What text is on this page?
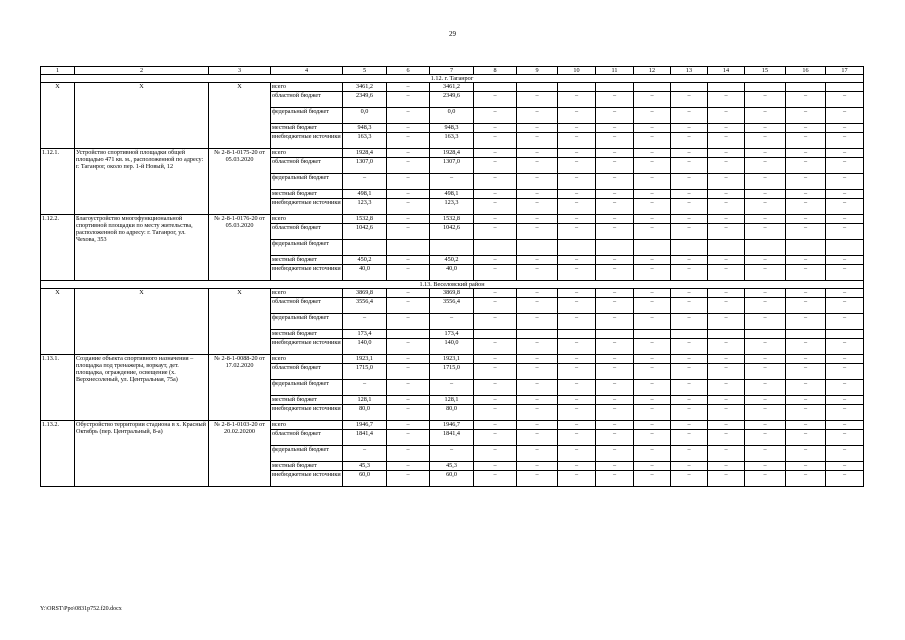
29
1	2	3	4	5	6	7	8	9	10	11	12	13	14	15	16	17
1.12. г. Таганрог																
Х	Х	Х	всего	3461,2	–	3461,2										
			областной бюджет	2349,6	–	2349,6	–	–	–	–	–	–	–	–	–	–
			федеральный бюджет	0,0	–	0,0	–	–	–	–	–	–	–	–	–	–
			местный бюджет	948,3	–	948,3	–	–	–	–	–	–	–	–	–	–
			внебюджетные источники	163,3	–	163,3	–	–	–	–	–	–	–	–	–	–
1.12.1.	Устройство спортивной площадки общей площадью 471 кв. м., расположенной по адресу: г. Таганрог, около пер. 1-й Новый, 12	№ 2-8-1-0175-20 от 05.03.2020	всего	1928,4	–	1928,4	–	–	–	–	–	–	–	–	–	–
			областной бюджет	1307,0	–	1307,0	–	–	–	–	–	–	–	–	–	–
			федеральный бюджет	–	–	–	–	–	–	–	–	–	–	–	–	–
			местный бюджет	498,1	–	498,1	–	–	–	–	–	–	–	–	–	–
			внебюджетные источники	123,3	–	123,3	–	–	–	–	–	–	–	–	–	–
1.12.2.	Благоустройство многофункциональной спортивной площадки по месту жительства, расположенной по адресу: г. Таганрог, ул. Чехова, 353	№ 2-8-1-0176-20 от 05.03.2020	всего	1532,8	–	1532,8	–	–	–	–	–	–	–	–	–	–
			областной бюджет	1042,6	–	1042,6	–	–	–	–	–	–	–	–	–	–
			федеральный бюджет													
			местный бюджет	450,2	–	450,2	–	–	–	–	–	–	–	–	–	–
			внебюджетные источники	40,0	–	40,0	–	–	–	–	–	–	–	–	–	–
1.13. Веселовский район																
Х	Х	Х	всего	3869,8	–	3869,8	–	–	–	–	–	–	–	–	–	–
			областной бюджет	3556,4	–	3556,4	–	–	–	–	–	–	–	–	–	–
			федеральный бюджет	–	–	–	–	–	–	–	–	–	–	–	–	–
			местный бюджет	173,4		173,4										
			внебюджетные источники	140,0	–	140,0	–	–	–	–	–	–	–	–	–	–
1.13.1.	Создание объекта спортивного назначения – площадка под тренажеры, воркаут, дет. площадка, ограждение, освещение (х. Верхнесоленый, ул. Центральная, 75а)	№ 2-8-1-0088-20 от 17.02.2020	всего	1923,1	–	1923,1	–	–	–	–	–	–	–	–	–	–
			областной бюджет	1715,0	–	1715,0	–	–	–	–	–	–	–	–	–	–
			федеральный бюджет	–	–	–	–	–	–	–	–	–	–	–	–	–
			местный бюджет	128,1	–	128,1	–	–	–	–	–	–	–	–	–	–
			внебюджетные источники	80,0	–	80,0	–	–	–	–	–	–	–	–	–	–
1.13.2.	Обустройство территории стадиона в х. Красный Октябрь (пер. Центральный, 8-а)	№ 2-8-1-0103-20 от 20.02.20200	всего	1946,7	–	1946,7	–	–	–	–	–	–	–	–	–	–
			областной бюджет	1841,4	–	1841,4	–	–	–	–	–	–	–	–	–	–
			федеральный бюджет	–	–	–	–	–	–	–	–	–	–	–	–	–
			местный бюджет	45,3	–	45,3	–	–	–	–	–	–	–	–	–	–
			внебюджетные источники	60,0	–	60,0	–	–	–	–	–	–	–	–	–	–
Y:\ORST\Ppo\0831p752.f20.docx
